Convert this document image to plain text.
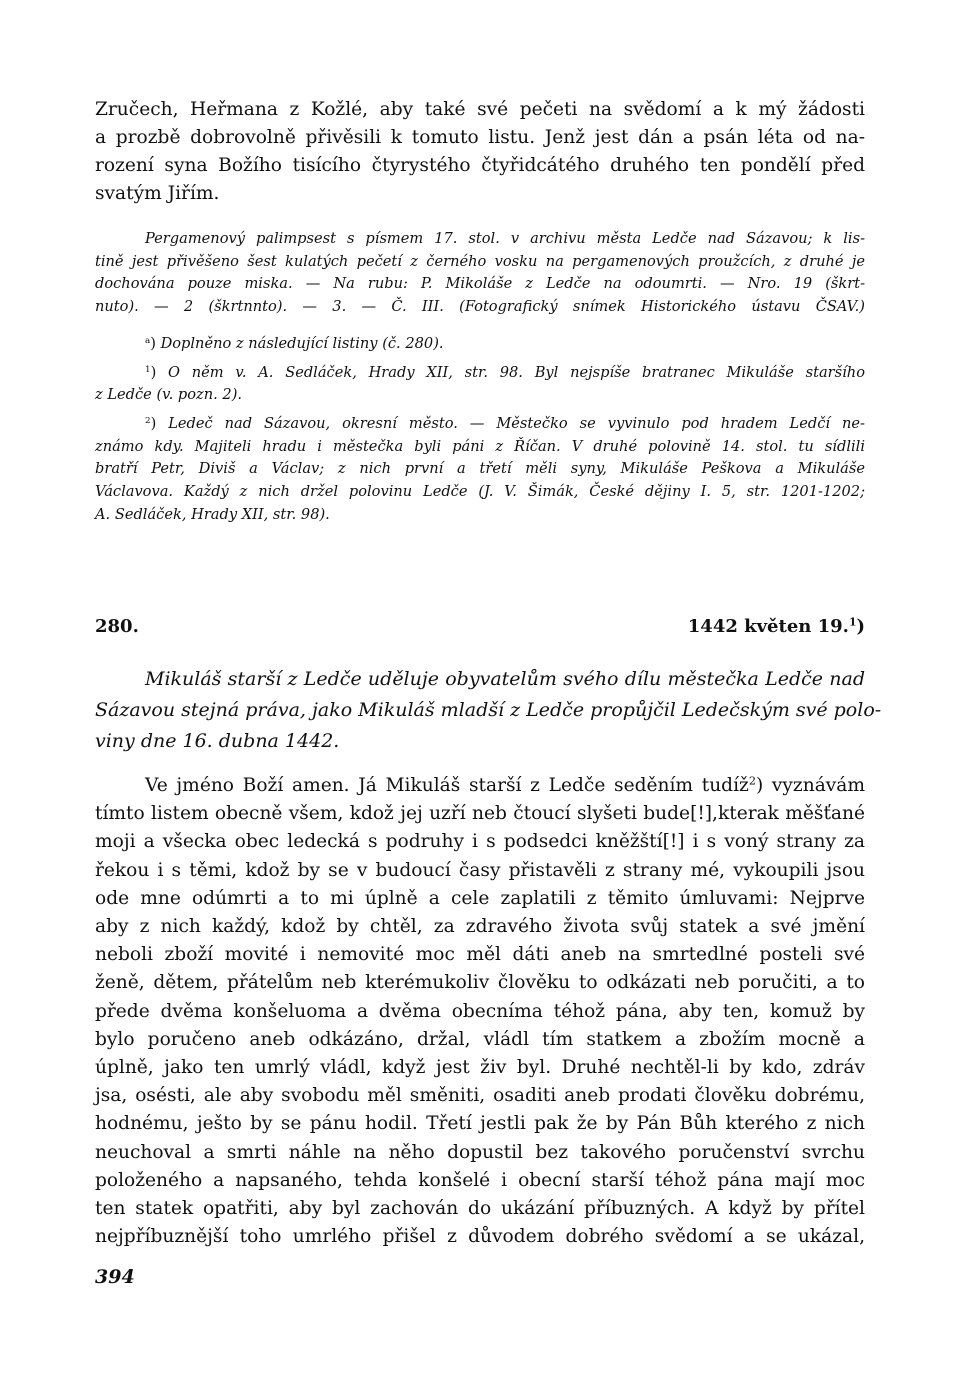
Zručech, Heřmana z Kožlé, aby také své pečeti na svědomí a k mý žádosti
a prozbě dobrovolně přivěsili k tomuto listu. Jenž jest dán a psán léta od na-
rození syna Božího tisícího čtyrystého čtyřidcátého druhého ten pondělí před
svatým Jiřím.
Pergamenový palimpsest s písmem 17. stol. v archivu města Ledče nad Sázavou; k lis-
tině jest přivěšeno šest kulatých pečetí z černého vosku na pergamenových proužcích, z druhé je
dochována pouze miska. — Na rubu: P. Mikoláše z Ledče na odoumrti. — Nro. 19 (škrt-
nuto). — 2 (škrtnnto). — 3. — Č. III. (Fotografický snímek Historického ústavu ČSAV.)
$^a$) Doplněno z následující listiny (č. 280).
$^1$) O něm v. A. Sedláček, Hrady XII, str. 98. Byl nejspíše bratranec Mikuláše staršího
z Ledče (v. pozn. 2).
$^2$) Ledeč nad Sázavou, okresní město. — Městečko se vyvinulo pod hradem Ledčí ne-
známo kdy. Majiteli hradu i městečka byli páni z Říčan. V druhé polovině 14. stol. tu sídlili
bratří Petr, Diviš a Václav; z nich první a třetí měli syny, Mikuláše Peškova a Mikuláše
Václavova. Každý z nich držel polovinu Ledče (J. V. Šimák, České dějiny I. 5, str. 1201-1202;
A. Sedláček, Hrady XII, str. 98).
280.	1442 květen 19.$^1$)
Mikuláš starší z Ledče uděluje obyvatelům svého dílu městečka Ledče nad
Sázavou stejná práva, jako Mikuláš mladší z Ledče propůjčil Ledečským své polo-
viny dne 16. dubna 1442.
Ve jméno Boží amen. Já Mikuláš starší z Ledče seděním tudíž$^2$) vyznávám
tímto listem obecně všem, kdož jej uzří neb čtoucí slyšeti bude[!],kterak měšťané
moji a všecka obec ledecká s podruhy i s podsedci kněžští[!] i s voný strany za
řekou i s těmi, kdož by se v budoucí časy přistavěli z strany mé, vykoupili jsou
ode mne odúmrti a to mi úplně a cele zaplatili z těmito úmluvami: Nejprve
aby z nich každý, kdož by chtěl, za zdravého života svůj statek a své jmění
neboli zboží movité i nemovité moc měl dáti aneb na smrtedlné posteli své
ženě, dětem, přátelům neb kterémukoliv člověku to odkázati neb poručiti, a to
přede dvěma konšeluoma a dvěma obecníma téhož pána, aby ten, komuž by
bylo poručeno aneb odkázáno, držal, vládl tím statkem a zbožím mocně a
úplně, jako ten umrlý vládl, když jest živ byl. Druhé nechtěl-li by kdo, zdráv
jsa, osésti, ale aby svobodu měl směniti, osaditi aneb prodati člověku dobrému,
hodnému, ješto by se pánu hodil. Třetí jestli pak že by Pán Bůh kterého z nich
neuchoval a smrti náhle na něho dopustil bez takového poručenství svrchu
položeného a napsaného, tehda konšelé i obecní starší téhož pána mají moc
ten statek opatřiti, aby byl zachován do ukázání příbuzných. A když by přítel
nejpříbuznější toho umrlého přišel z důvodem dobrého svědomí a se ukázal,
394
